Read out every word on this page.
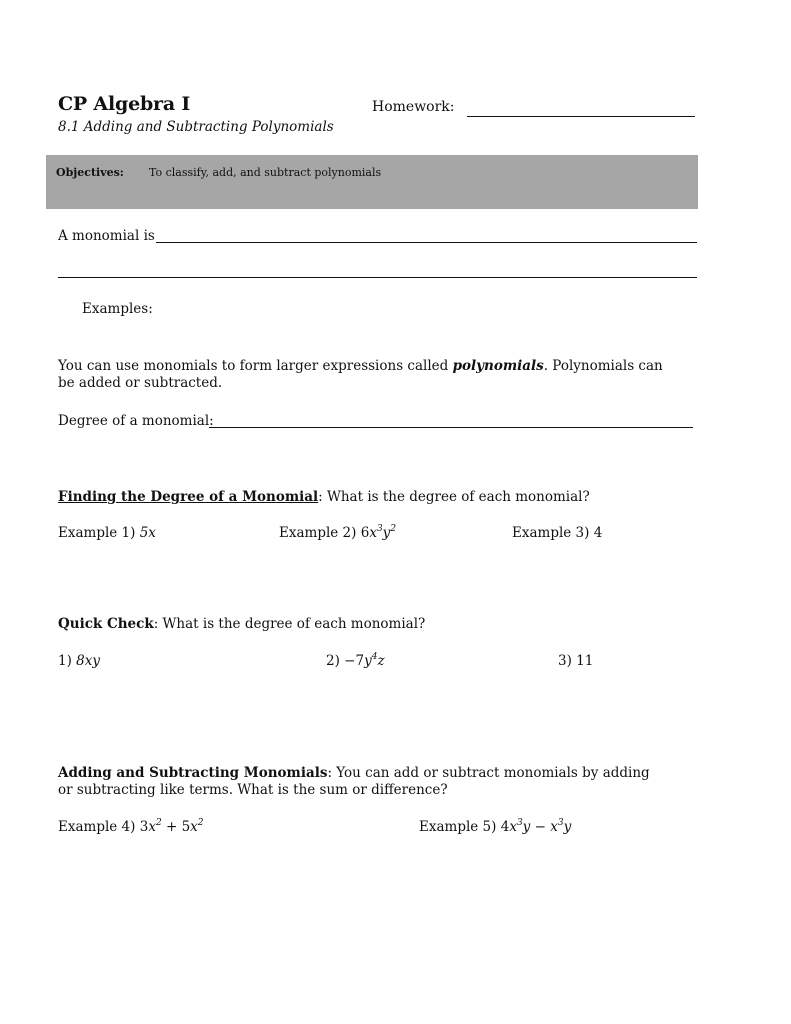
CP Algebra I
8.1 Adding and Subtracting Polynomials
Homework:
Objectives: To classify, add, and subtract polynomials
A monomial is
Examples:
You can use monomials to form larger expressions called polynomials. Polynomials can be added or subtracted.
Degree of a monomial:
Finding the Degree of a Monomial: What is the degree of each monomial?
Example 1) 5x	Example 2) $6x^3y^2$	Example 3) 4
Quick Check: What is the degree of each monomial?
1) 8xy	$2) -7y^4z$	3) 11
Adding and Subtracting Monomials: You can add or subtract monomials by adding or subtracting like terms. What is the sum or difference?
Example 4) $3x^2 + 5x^2$	Example 5) $4x^3y - x^3y$
